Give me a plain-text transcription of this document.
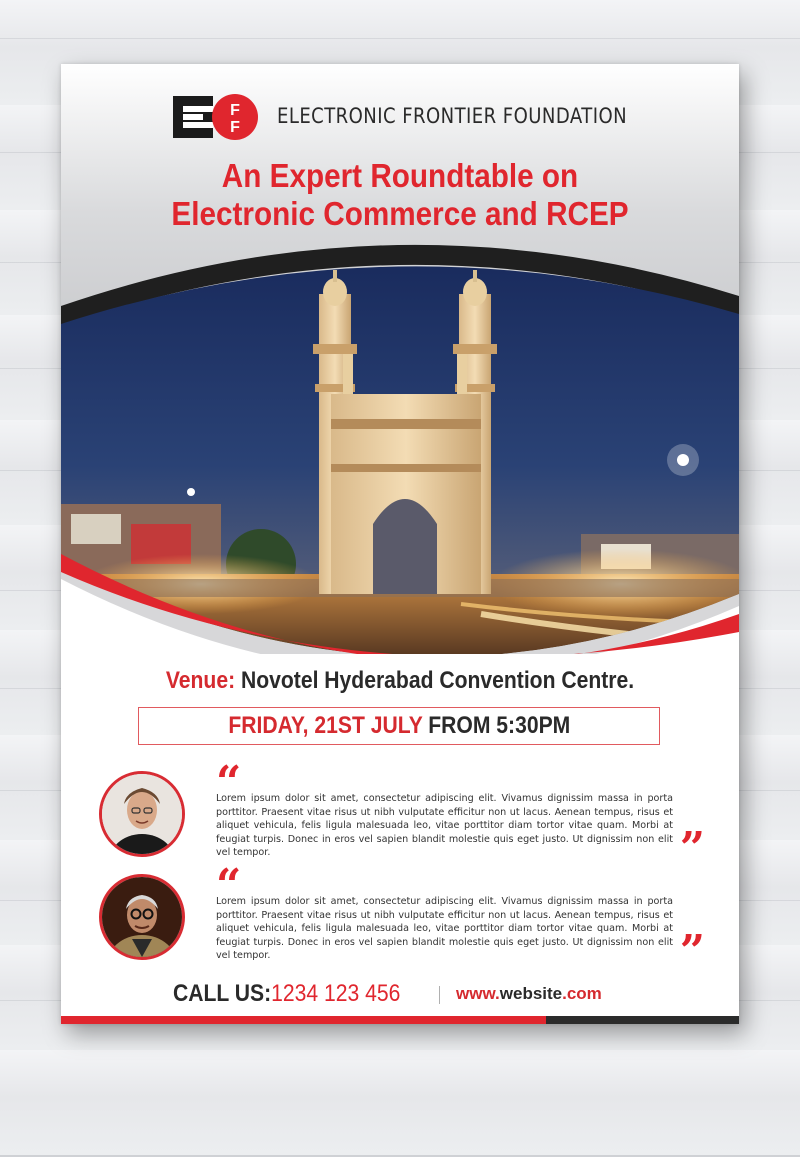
F
F ELECTRONIC FRONTIER FOUNDATION
An Expert Roundtable on
Electronic Commerce and RCEP
Venue: Novotel Hyderabad Convention Centre.
FRIDAY, 21ST JULY FROM 5:30PM
“
Lorem ipsum dolor sit amet, consectetur adipiscing elit. Vivamus dignissim massa in porta porttitor. Praesent vitae risus ut nibh vulputate efficitur non ut lacus. Aenean tempus, risus et aliquet vehicula, felis ligula malesuada leo, vitae porttitor diam tortor vitae quam. Morbi at feugiat turpis. Donec in eros vel sapien blandit molestie quis eget justo. Ut dignissim non elit vel tempor.	”
“
Lorem ipsum dolor sit amet, consectetur adipiscing elit. Vivamus dignissim massa in porta porttitor. Praesent vitae risus ut nibh vulputate efficitur non ut lacus. Aenean tempus, risus et aliquet vehicula, felis ligula malesuada leo, vitae porttitor diam tortor vitae quam. Morbi at feugiat turpis. Donec in eros vel sapien blandit molestie quis eget justo. Ut dignissim non elit vel tempor.	”
CALL US:1234 123 456	www.website.com
